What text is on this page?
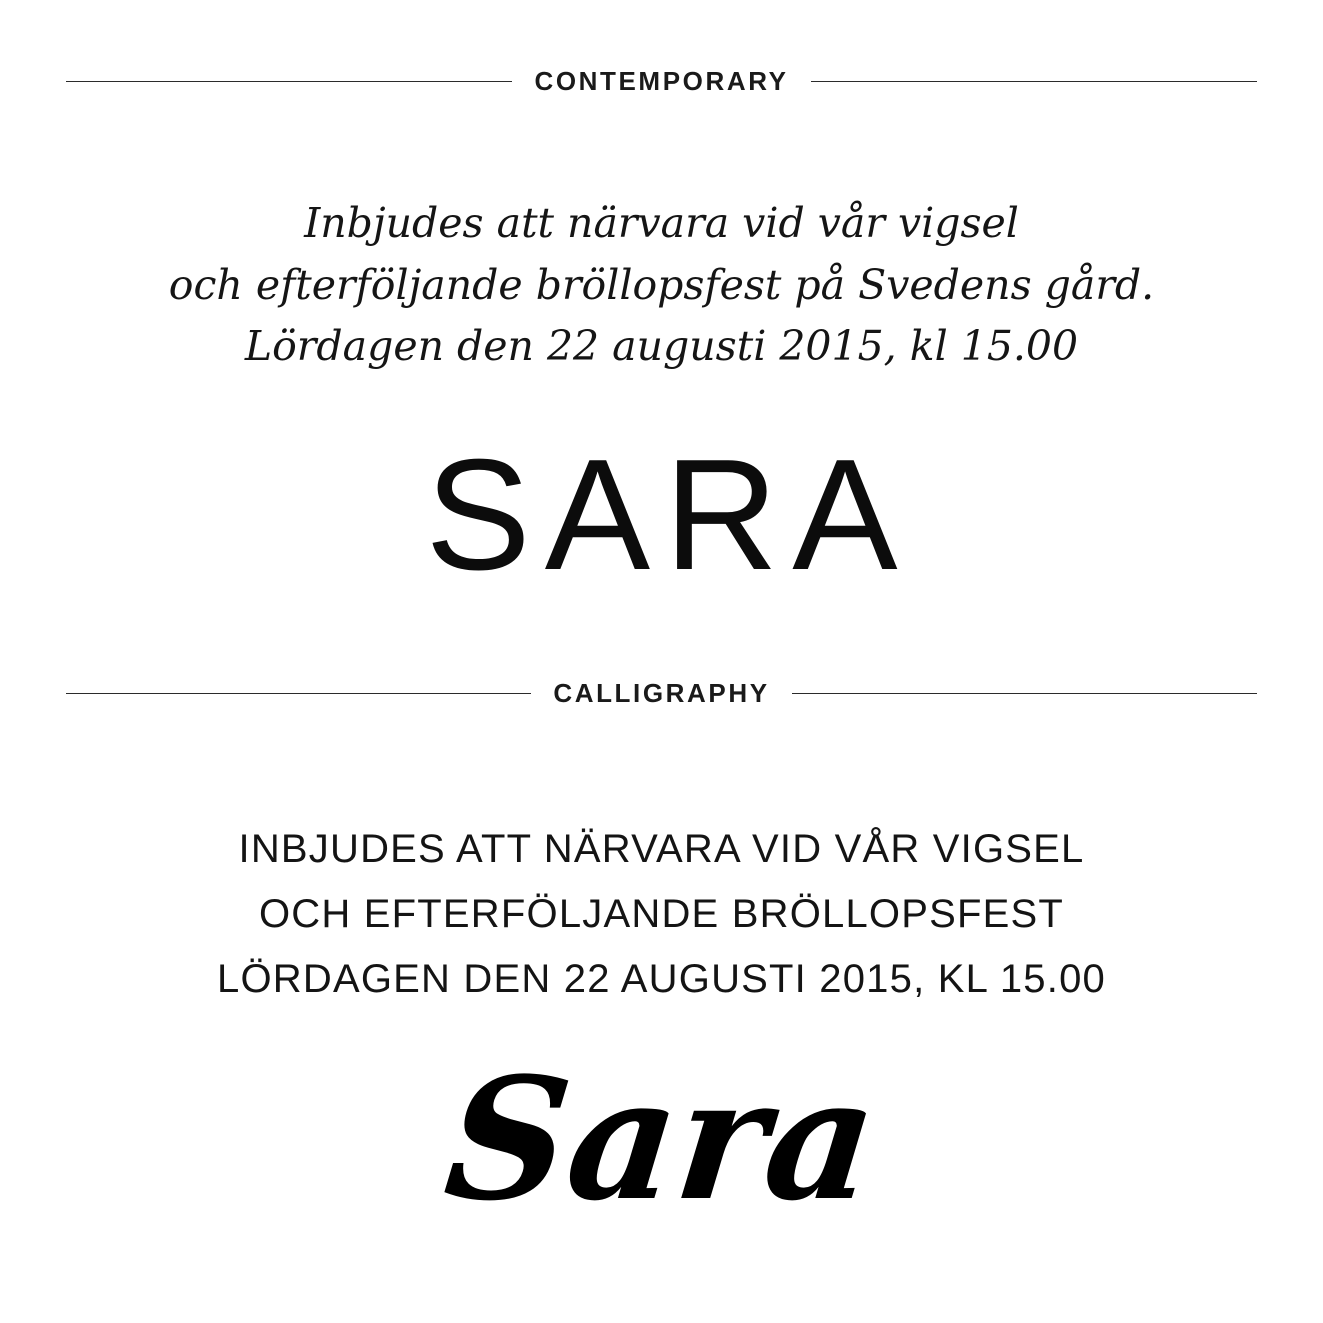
CONTEMPORARY
Inbjudes att närvara vid vår vigsel
och efterföljande bröllopsfest på Svedens gård.
Lördagen den 22 augusti 2015, kl 15.00
SARA
CALLIGRAPHY
INBJUDES ATT NÄRVARA VID VÅR VIGSEL
OCH EFTERFÖLJANDE BRÖLLOPSFEST
LÖRDAGEN DEN 22 AUGUSTI 2015, KL 15.00
Sara
